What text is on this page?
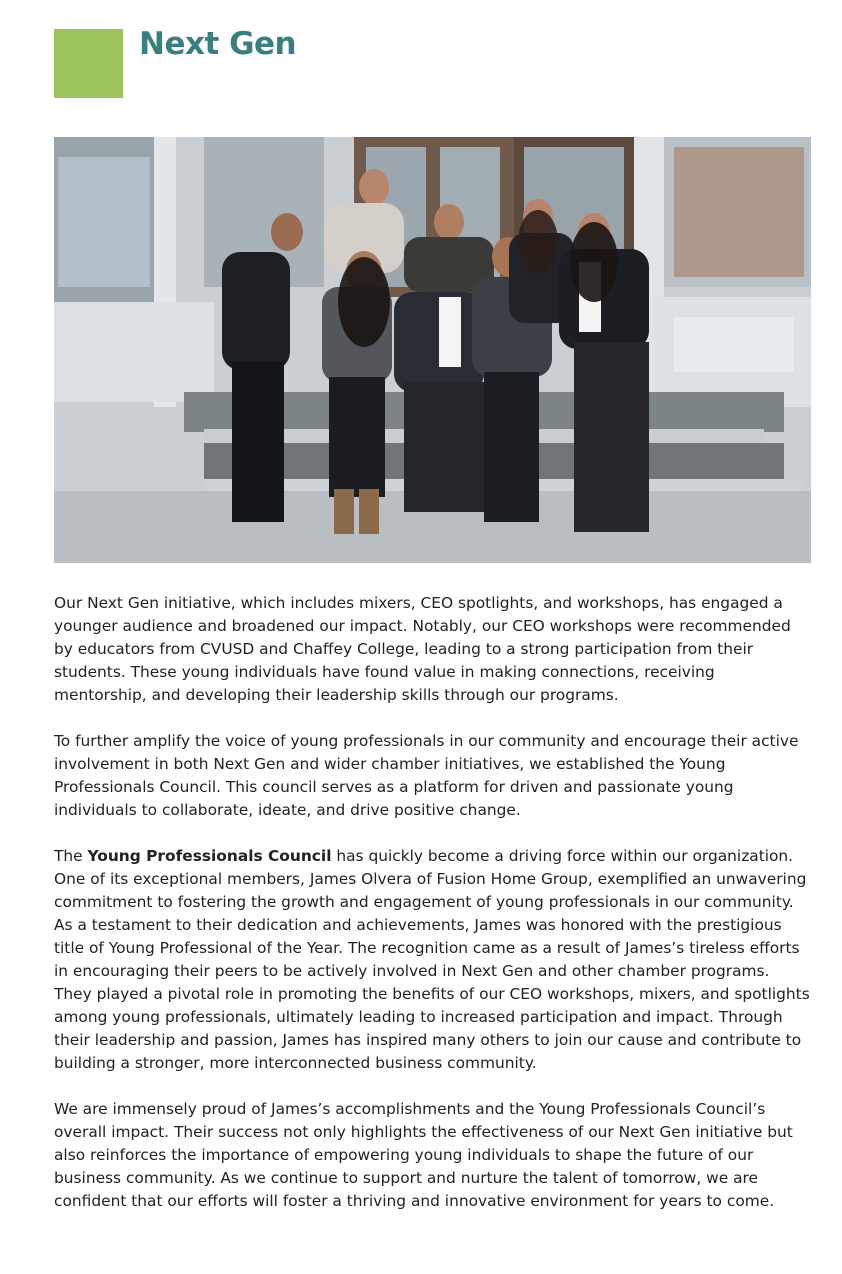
Next Gen

Our Next Gen initiative, which includes mixers, CEO spotlights, and workshops, has engaged a younger audience and broadened our impact. Notably, our CEO workshops were recommended by educators from CVUSD and Chaffey College, leading to a strong participation from their students. These young individuals have found value in making connections, receiving mentorship, and developing their leadership skills through our programs.

To further amplify the voice of young professionals in our community and encourage their active involvement in both Next Gen and wider chamber initiatives, we established the Young Professionals Council. This council serves as a platform for driven and passionate young individuals to collaborate, ideate, and drive positive change.

The Young Professionals Council has quickly become a driving force within our organization. One of its exceptional members, James Olvera of Fusion Home Group, exemplified an unwavering commitment to fostering the growth and engagement of young professionals in our community. As a testament to their dedication and achievements, James was honored with the prestigious title of Young Professional of the Year. The recognition came as a result of James’s tireless efforts in encouraging their peers to be actively involved in Next Gen and other chamber programs. They played a pivotal role in promoting the benefits of our CEO workshops, mixers, and spotlights among young professionals, ultimately leading to increased participation and impact. Through their leadership and passion, James has inspired many others to join our cause and contribute to building a stronger, more interconnected business community.

We are immensely proud of James’s accomplishments and the Young Professionals Council’s overall impact. Their success not only highlights the effectiveness of our Next Gen initiative but also reinforces the importance of empowering young individuals to shape the future of our business community. As we continue to support and nurture the talent of tomorrow, we are confident that our efforts will foster a thriving and innovative environment for years to come.
